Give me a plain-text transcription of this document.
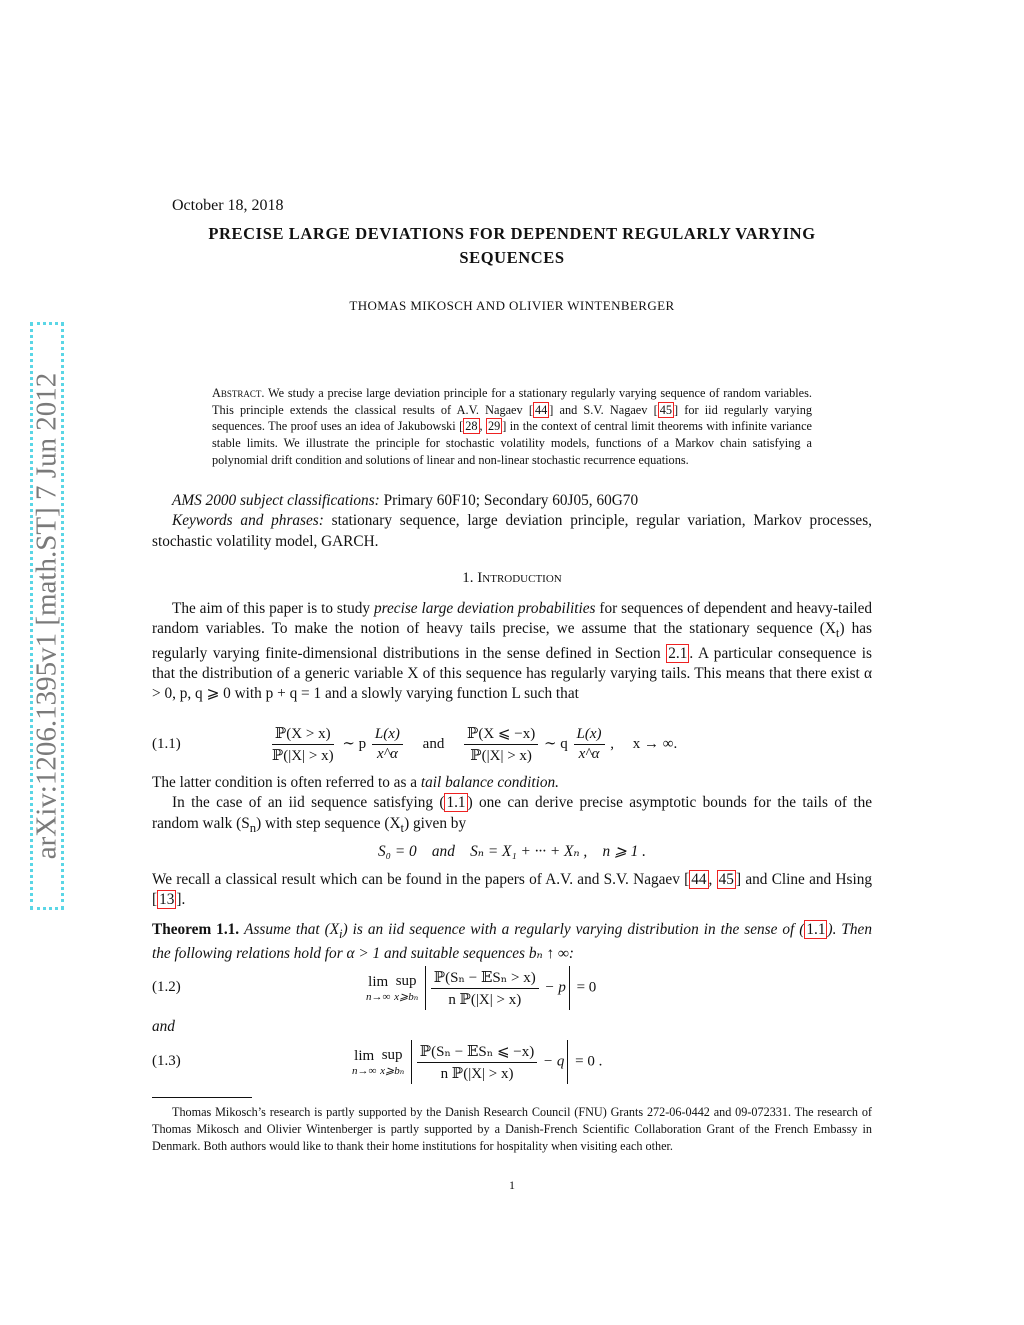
arXiv:1206.1395v1 [math.ST] 7 Jun 2012
October 18, 2018
PRECISE LARGE DEVIATIONS FOR DEPENDENT REGULARLY VARYING
SEQUENCES
THOMAS MIKOSCH AND OLIVIER WINTENBERGER
Abstract. We study a precise large deviation principle for a stationary regularly varying sequence of random variables. This principle extends the classical results of A.V. Nagaev [ 44 ] and S.V. Nagaev [ 45 ] for iid regularly varying sequences. The proof uses an idea of Jakubowski [ 28 , 29 ] in the context of central limit theorems with infinite variance stable limits. We illustrate the principle for stochastic volatility models, functions of a Markov chain satisfying a polynomial drift condition and solutions of linear and non-linear stochastic recurrence equations.
AMS 2000 subject classifications: Primary 60F10; Secondary 60J05, 60G70
Keywords and phrases: stationary sequence, large deviation principle, regular variation, Markov processes, stochastic volatility model, GARCH.
1. Introduction
The aim of this paper is to study precise large deviation probabilities for sequences of dependent and heavy-tailed random variables. To make the notion of heavy tails precise, we assume that the stationary sequence $(X_t)$ has regularly varying finite-dimensional distributions in the sense defined in Section 2.1 . A particular consequence is that the distribution of a generic variable X of this sequence has regularly varying tails. This means that there exist α > 0, p, q ⩾ 0 with p + q = 1 and a slowly varying function L such that
(1.1)	$\frac{\text{ℙ(X > x)}}{\text{ℙ(|X| > x)}}$ ∼ p $\frac{L(x)}{x\^{}\alpha}$ and $\frac{\text{ℙ(X ⩽ −x)}}{\text{ℙ(|X| > x)}}$ ∼ q $\frac{L(x)}{x\^{}\alpha}$ ,     x → ∞.
The latter condition is often referred to as a tail balance condition.
In the case of an iid sequence satisfying ( 1.1 ) one can derive precise asymptotic bounds for the tails of the random walk $(S_n)$ with step sequence $(X_t)$ given by
S₀ = 0    and    Sₙ = X₁ + ··· + Xₙ ,    n ⩾ 1 .
We recall a classical result which can be found in the papers of A.V. and S.V. Nagaev [ 44 , 45 ] and Cline and Hsing [ 13 ].
Theorem 1.1. Assume that $(X_i)$ is an iid sequence with a regularly varying distribution in the sense of ( 1.1 ). Then the following relations hold for α > 1 and suitable sequences bₙ ↑ ∞:
(1.2)	lim
n→∞

sup
x⩾bₙ
$\frac{\text{ℙ(Sₙ − 𝔼Sₙ > x)}}{\text{n ℙ(|X| > x)}} - p = 0$
and
(1.3)	lim
n→∞

sup
x⩾bₙ
$\frac{\text{ℙ(Sₙ − 𝔼Sₙ ⩽ −x)}}{\text{n ℙ(|X| > x)}} - q = 0$ .
Thomas Mikosch’s research is partly supported by the Danish Research Council (FNU) Grants 272-06-0442 and 09-072331. The research of Thomas Mikosch and Olivier Wintenberger is partly supported by a Danish-French Scientific Collaboration Grant of the French Embassy in Denmark. Both authors would like to thank their home institutions for hospitality when visiting each other.
1
